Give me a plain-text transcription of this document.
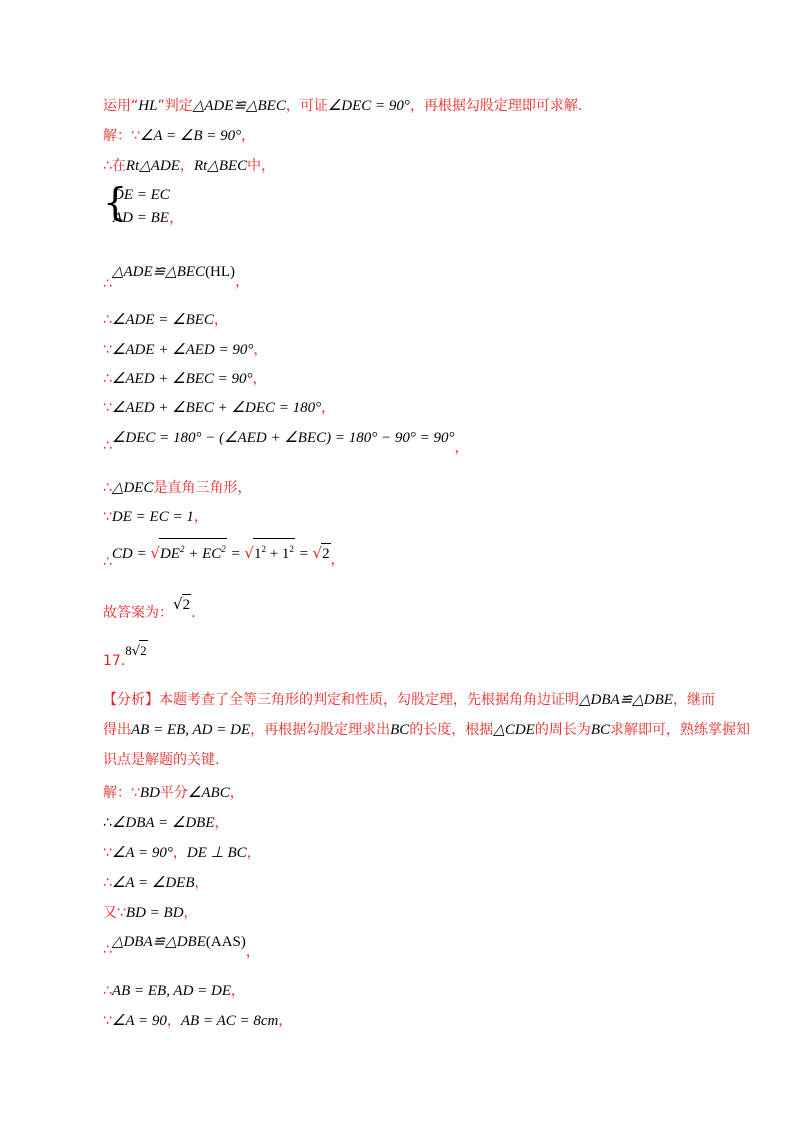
运用“HL”判定△ADE≌△BEC，可证∠DEC = 90°，再根据勾股定理即可求解.
解：∵∠A = ∠B = 90°，
∴在Rt△ADE，Rt△BEC中，
{
DE = EC
AD = BE，
∴△ADE≌△BEC(HL)，
∴∠ADE = ∠BEC，
∵∠ADE + ∠AED = 90°，
∴∠AED + ∠BEC = 90°，
∵∠AED + ∠BEC + ∠DEC = 180°，
∴∠DEC = 180° − (∠AED + ∠BEC) = 180° − 90° = 90°，
∴△DEC是直角三角形，
∵DE = EC = 1，
∴CD = $√DE^2 + EC^2 = √1^2 + 1^2 = √2$，
故答案为：√2.
17.8√2
【分析】本题考查了全等三角形的判定和性质，勾股定理，先根据角角边证明△DBA≌△DBE，继而
得出AB = EB, AD = DE，再根据勾股定理求出BC的长度，根据△CDE的周长为BC求解即可，熟练掌握知
识点是解题的关键.
解：∵BD平分∠ABC，
∴∠DBA = ∠DBE，
∵∠A = 90°，DE ⊥ BC，
∴∠A = ∠DEB，
又∵BD = BD，
∴△DBA≌△DBE(AAS)，
∴AB = EB, AD = DE，
∵∠A = 90，AB = AC = 8cm，
